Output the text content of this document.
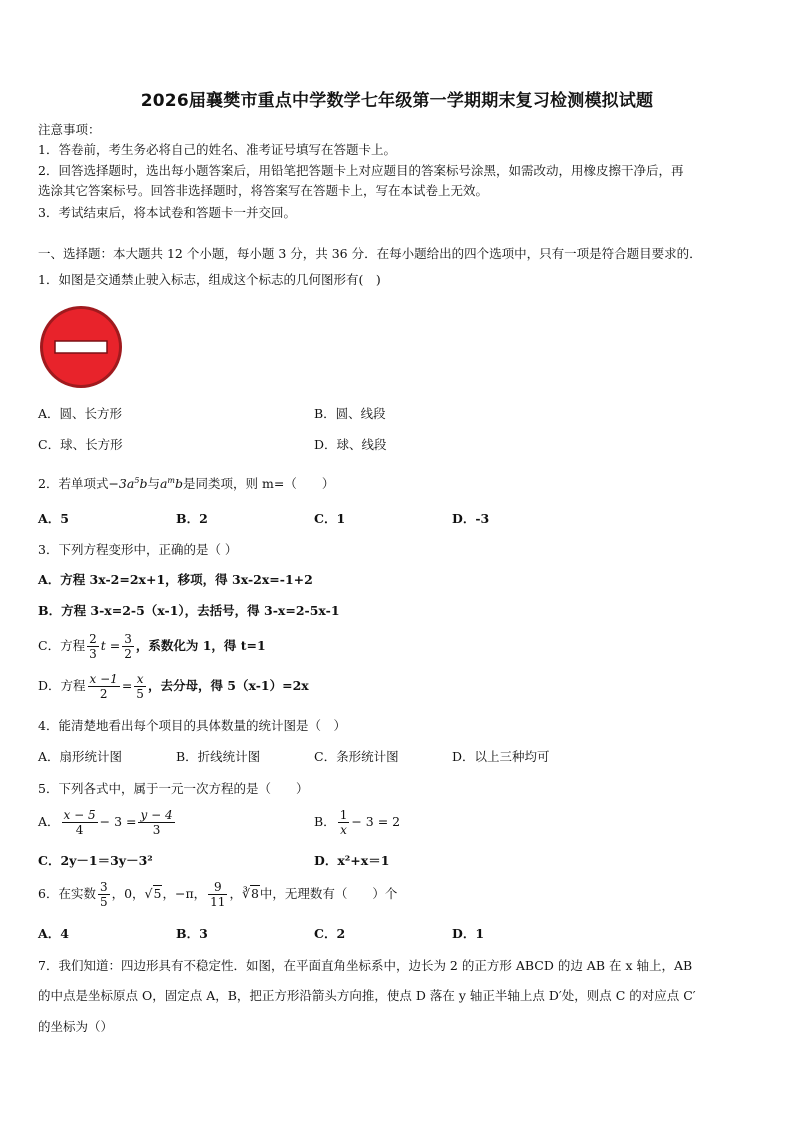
2026届襄樊市重点中学数学七年级第一学期期末复习检测模拟试题
注意事项：
1．答卷前，考生务必将自己的姓名、准考证号填写在答题卡上。
2．回答选择题时，选出每小题答案后，用铅笔把答题卡上对应题目的答案标号涂黑，如需改动，用橡皮擦干净后，再
选涂其它答案标号。回答非选择题时，将答案写在答题卡上，写在本试卷上无效。
3．考试结束后，将本试卷和答题卡一并交回。
一、选择题：本大题共 12 个小题，每小题 3 分，共 36 分．在每小题给出的四个选项中，只有一项是符合题目要求的．
1．如图是交通禁止驶入标志，组成这个标志的几何图形有(　)
A．圆、长方形	B．圆、线段
C．球、长方形	D．球、线段
2．若单项式$-3a^5b$与$a^mb$是同类项，则 m=（　　）
A．5	B．2	C．1	D．-3
3．下列方程变形中，正确的是（ ）
A．方程 3x-2=2x+1，移项，得 3x-2x=-1+2
B．方程 3-x=2-5（x-1），去括号，得 3-x=2-5x-1
C．方程 $\frac{2}{3}$ $t = \frac{3}{2}$ ，系数化为 1，得 t=1
D．方程 $\frac{x -1}{2} = \frac{x}{5}$ ，去分母，得 5（x-1）=2x
4．能清楚地看出每个项目的具体数量的统计图是（　）
A．扇形统计图	B．折线统计图	C．条形统计图	D．以上三种均可
5．下列各式中，属于一元一次方程的是（　　）
A． $\frac{x - 5}{4} - 3 = \frac{y - 4}{3}$	B． $\frac{1}{x} - 3 = 2$
C．2y－1＝3y－3²	D．x²+x＝1
6．在实数 $\frac{3}{5}$ ，0，√5，−π， $\frac{9}{11}$ ，∛8中，无理数有（　　）个
A．4	B．3	C．2	D．1
7．我们知道：四边形具有不稳定性．如图，在平面直角坐标系中，边长为 2 的正方形 ABCD 的边 AB 在 x 轴上，AB
的中点是坐标原点 O，固定点 A，B，把正方形沿箭头方向推，使点 D 落在 y 轴正半轴上点 D′处，则点 C 的对应点 C′
的坐标为（）
